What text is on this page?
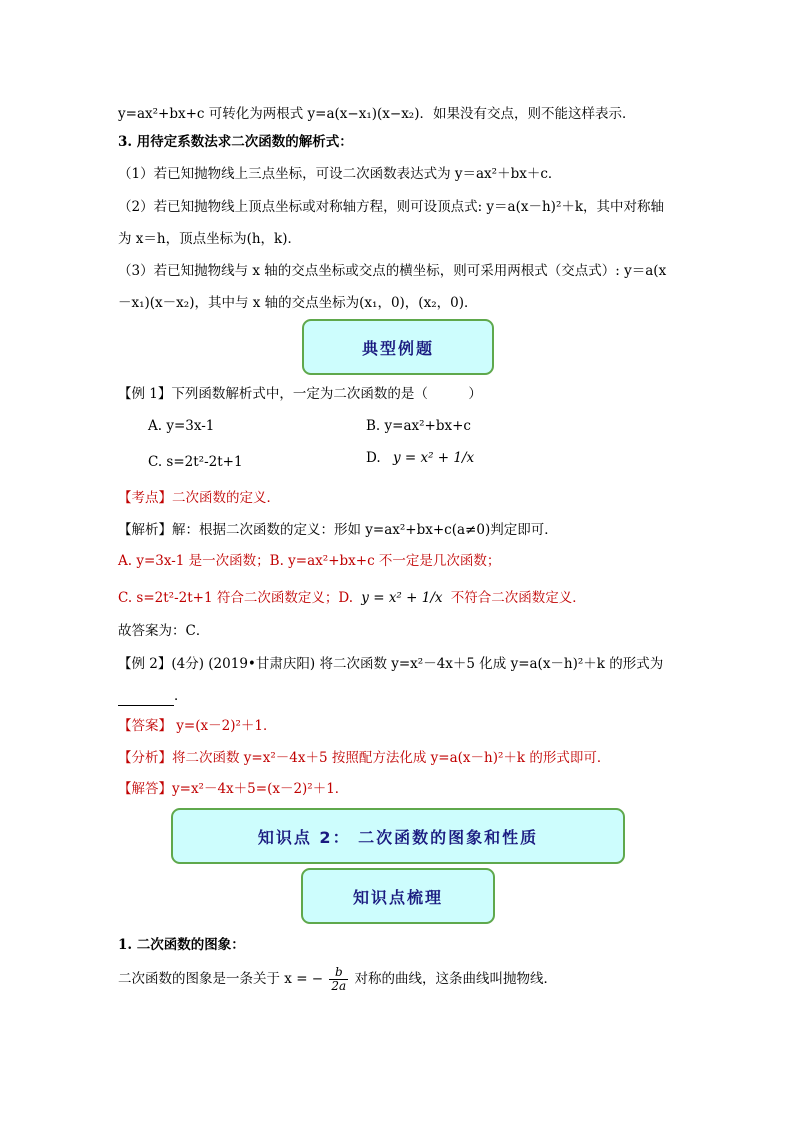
y=ax²+bx+c 可转化为两根式 y=a(x−x₁)(x−x₂)．如果没有交点，则不能这样表示．
3. 用待定系数法求二次函数的解析式：
（1）若已知抛物线上三点坐标，可设二次函数表达式为 y＝ax²＋bx＋c．
（2）若已知抛物线上顶点坐标或对称轴方程，则可设顶点式: y＝a(x－h)²＋k，其中对称轴
为 x＝h，顶点坐标为(h，k)．
（3）若已知抛物线与 x 轴的交点坐标或交点的横坐标，则可采用两根式（交点式）: y＝a(x
－x₁)(x－x₂)，其中与 x 轴的交点坐标为(x₁，0)，(x₂，0)．
典型例题
【例 1】下列函数解析式中，一定为二次函数的是（　　　）
A. y=3x-1	B. y=ax²+bx+c
C. s=2t²-2t+1	D. y = x² + 1/x
【考点】二次函数的定义．
【解析】解：根据二次函数的定义：形如 y=ax²+bx+c(a≠0)判定即可．
A. y=3x-1 是一次函数；B. y=ax²+bx+c 不一定是几次函数；
C. s=2t²-2t+1 符合二次函数定义；D. y = x² + 1/x 不符合二次函数定义．
故答案为：C．
【例 2】(4分) (2019•甘肃庆阳) 将二次函数 y=x²－4x＋5 化成 y=a(x－h)²＋k 的形式为
．
【答案】 y=(x－2)²＋1．
【分析】将二次函数 y=x²－4x＋5 按照配方法化成 y=a(x－h)²＋k 的形式即可．
【解答】y=x²－4x＋5=(x－2)²＋1．
知识点 2： 二次函数的图象和性质
知识点梳理
1. 二次函数的图象：
二次函数的图象是一条关于 x = − $\frac{b}{2a}$ 对称的曲线，这条曲线叫抛物线．
